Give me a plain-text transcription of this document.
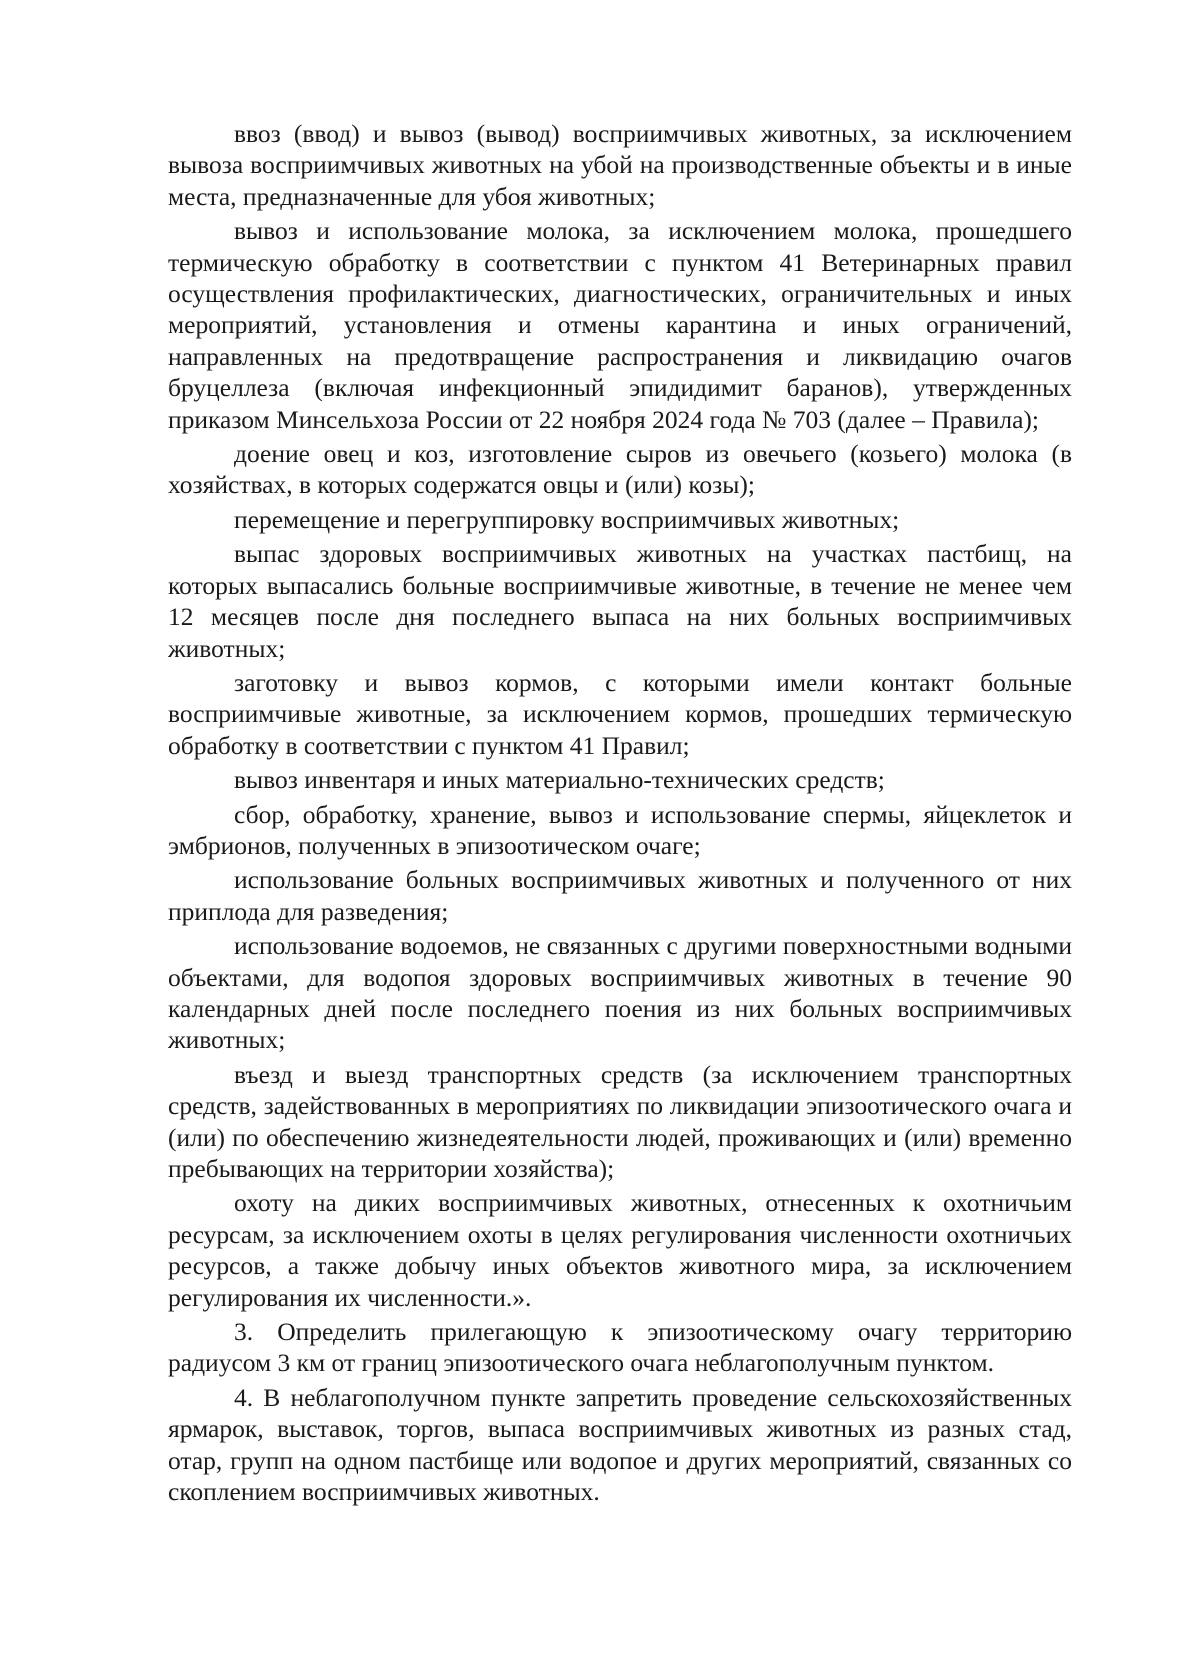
ввоз (ввод) и вывоз (вывод) восприимчивых животных, за исключением вывоза восприимчивых животных на убой на производственные объекты и в иные места, предназначенные для убоя животных;

вывоз и использование молока, за исключением молока, прошедшего термическую обработку в соответствии с пунктом 41 Ветеринарных правил осуществления профилактических, диагностических, ограничительных и иных мероприятий, установления и отмены карантина и иных ограничений, направленных на предотвращение распространения и ликвидацию очагов бруцеллеза (включая инфекционный эпидидимит баранов), утвержденных приказом Минсельхоза России от 22 ноября 2024 года № 703 (далее – Правила);

доение овец и коз, изготовление сыров из овечьего (козьего) молока (в хозяйствах, в которых содержатся овцы и (или) козы);

перемещение и перегруппировку восприимчивых животных;

выпас здоровых восприимчивых животных на участках пастбищ, на которых выпасались больные восприимчивые животные, в течение не менее чем 12 месяцев после дня последнего выпаса на них больных восприимчивых животных;

заготовку и вывоз кормов, с которыми имели контакт больные восприимчивые животные, за исключением кормов, прошедших термическую обработку в соответствии с пунктом 41 Правил;

вывоз инвентаря и иных материально-технических средств;

сбор, обработку, хранение, вывоз и использование спермы, яйцеклеток и эмбрионов, полученных в эпизоотическом очаге;

использование больных восприимчивых животных и полученного от них приплода для разведения;

использование водоемов, не связанных с другими поверхностными водными объектами, для водопоя здоровых восприимчивых животных в течение 90 календарных дней после последнего поения из них больных восприимчивых животных;

въезд и выезд транспортных средств (за исключением транспортных средств, задействованных в мероприятиях по ликвидации эпизоотического очага и (или) по обеспечению жизнедеятельности людей, проживающих и (или) временно пребывающих на территории хозяйства);

охоту на диких восприимчивых животных, отнесенных к охотничьим ресурсам, за исключением охоты в целях регулирования численности охотничьих ресурсов, а также добычу иных объектов животного мира, за исключением регулирования их численности.».

3. Определить прилегающую к эпизоотическому очагу территорию радиусом 3 км от границ эпизоотического очага неблагополучным пунктом.

4. В неблагополучном пункте запретить проведение сельскохозяйственных ярмарок, выставок, торгов, выпаса восприимчивых животных из разных стад, отар, групп на одном пастбище или водопое и других мероприятий, связанных со скоплением восприимчивых животных.
